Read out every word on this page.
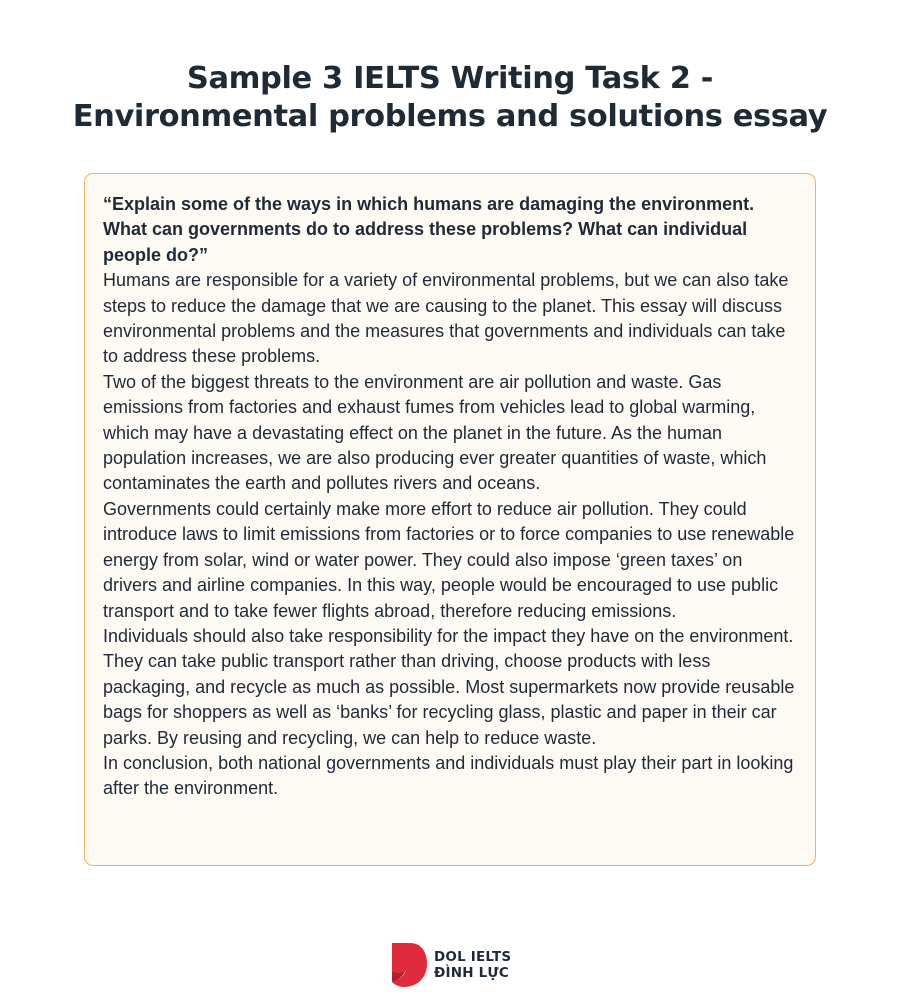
Sample 3 IELTS Writing Task 2 -
Environmental problems and solutions essay

“Explain some of the ways in which humans are damaging the environment. What can governments do to address these problems? What can individual people do?”

Humans are responsible for a variety of environmental problems, but we can also take steps to reduce the damage that we are causing to the planet. This essay will discuss environmental problems and the measures that governments and individuals can take to address these problems.

Two of the biggest threats to the environment are air pollution and waste. Gas emissions from factories and exhaust fumes from vehicles lead to global warming, which may have a devastating effect on the planet in the future. As the human population increases, we are also producing ever greater quantities of waste, which contaminates the earth and pollutes rivers and oceans.

Governments could certainly make more effort to reduce air pollution. They could introduce laws to limit emissions from factories or to force companies to use renewable energy from solar, wind or water power. They could also impose ‘green taxes’ on drivers and airline companies. In this way, people would be encouraged to use public transport and to take fewer flights abroad, therefore reducing emissions.

Individuals should also take responsibility for the impact they have on the environment. They can take public transport rather than driving, choose products with less packaging, and recycle as much as possible. Most supermarkets now provide reusable bags for shoppers as well as ‘banks’ for recycling glass, plastic and paper in their car parks. By reusing and recycling, we can help to reduce waste.

In conclusion, both national governments and individuals must play their part in looking after the environment.

DOL IELTS
ĐÌNH LỰC
